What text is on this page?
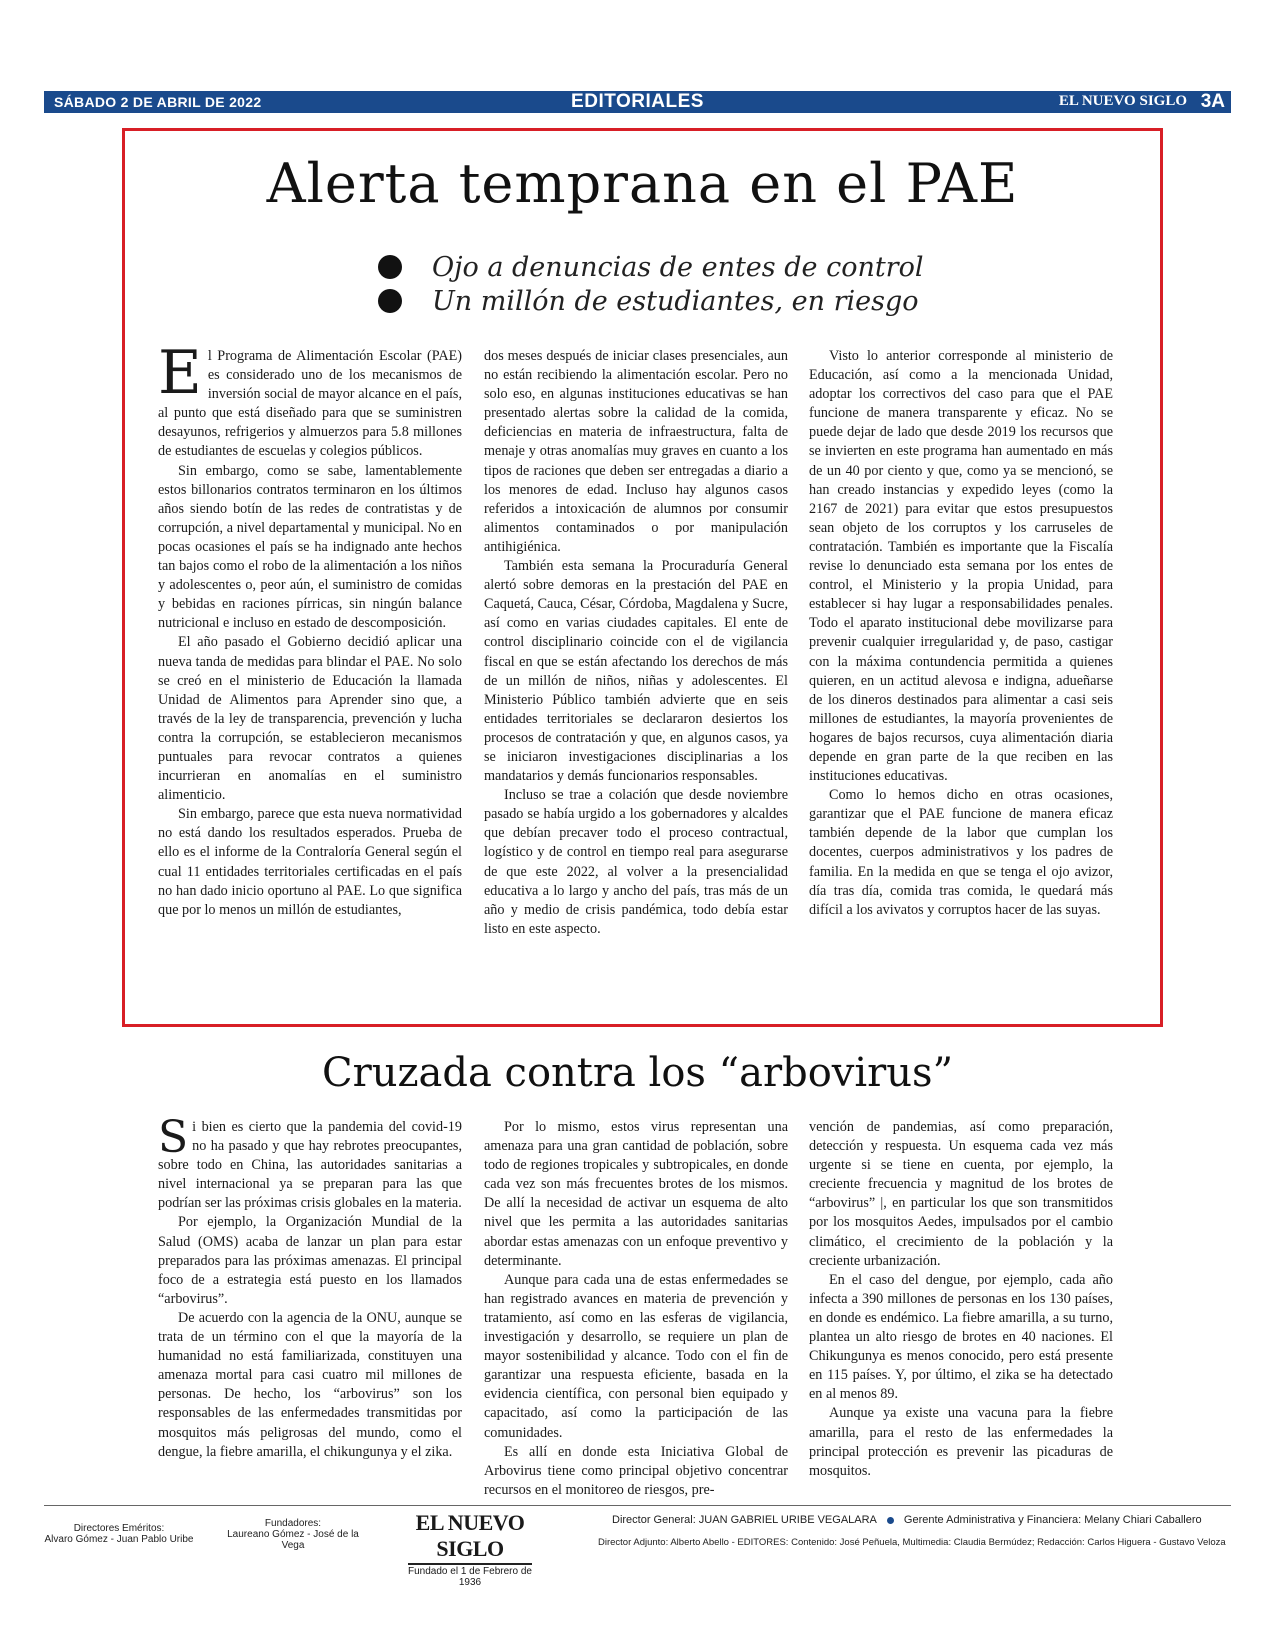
SÁBADO 2 DE ABRIL DE 2022	EDITORIALES	EL NUEVO SIGLO 3A
Alerta temprana en el PAE
Ojo a denuncias de entes de control
Un millón de estudiantes, en riesgo

El Programa de Alimentación Escolar (PAE) es considerado uno de los mecanismos de inversión social de mayor alcance en el país, al punto que está diseñado para que se suministren desayunos, refrigerios y almuerzos para 5.8 millones de estudiantes de escuelas y colegios públicos.

Sin embargo, como se sabe, lamentablemente estos billonarios contratos terminaron en los últimos años siendo botín de las redes de contratistas y de corrupción, a nivel departamental y municipal. No en pocas ocasiones el país se ha indignado ante hechos tan bajos como el robo de la alimentación a los niños y adolescentes o, peor aún, el suministro de comidas y bebidas en raciones pírricas, sin ningún balance nutricional e incluso en estado de descomposición.

El año pasado el Gobierno decidió aplicar una nueva tanda de medidas para blindar el PAE. No solo se creó en el ministerio de Educación la llamada Unidad de Alimentos para Aprender sino que, a través de la ley de transparencia, prevención y lucha contra la corrupción, se establecieron mecanismos puntuales para revocar contratos a quienes incurrieran en anomalías en el suministro alimenticio.

Sin embargo, parece que esta nueva normatividad no está dando los resultados esperados. Prueba de ello es el informe de la Contraloría General según el cual 11 entidades territoriales certificadas en el país no han dado inicio oportuno al PAE. Lo que significa que por lo menos un millón de estudiantes,

dos meses después de iniciar clases presenciales, aun no están recibiendo la alimentación escolar. Pero no solo eso, en algunas instituciones educativas se han presentado alertas sobre la calidad de la comida, deficiencias en materia de infraestructura, falta de menaje y otras anomalías muy graves en cuanto a los tipos de raciones que deben ser entregadas a diario a los menores de edad. Incluso hay algunos casos referidos a intoxicación de alumnos por consumir alimentos contaminados o por manipulación antihigiénica.

También esta semana la Procuraduría General alertó sobre demoras en la prestación del PAE en Caquetá, Cauca, César, Córdoba, Magdalena y Sucre, así como en varias ciudades capitales. El ente de control disciplinario coincide con el de vigilancia fiscal en que se están afectando los derechos de más de un millón de niños, niñas y adolescentes. El Ministerio Público también advierte que en seis entidades territoriales se declararon desiertos los procesos de contratación y que, en algunos casos, ya se iniciaron investigaciones disciplinarias a los mandatarios y demás funcionarios responsables.

Incluso se trae a colación que desde noviembre pasado se había urgido a los gobernadores y alcaldes que debían precaver todo el proceso contractual, logístico y de control en tiempo real para asegurarse de que este 2022, al volver a la presencialidad educativa a lo largo y ancho del país, tras más de un año y medio de crisis pandémica, todo debía estar listo en este aspecto.

Visto lo anterior corresponde al ministerio de Educación, así como a la mencionada Unidad, adoptar los correctivos del caso para que el PAE funcione de manera transparente y eficaz. No se puede dejar de lado que desde 2019 los recursos que se invierten en este programa han aumentado en más de un 40 por ciento y que, como ya se mencionó, se han creado instancias y expedido leyes (como la 2167 de 2021) para evitar que estos presupuestos sean objeto de los corruptos y los carruseles de contratación. También es importante que la Fiscalía revise lo denunciado esta semana por los entes de control, el Ministerio y la propia Unidad, para establecer si hay lugar a responsabilidades penales. Todo el aparato institucional debe movilizarse para prevenir cualquier irregularidad y, de paso, castigar con la máxima contundencia permitida a quienes quieren, en un actitud alevosa e indigna, adueñarse de los dineros destinados para alimentar a casi seis millones de estudiantes, la mayoría provenientes de hogares de bajos recursos, cuya alimentación diaria depende en gran parte de la que reciben en las instituciones educativas.

Como lo hemos dicho en otras ocasiones, garantizar que el PAE funcione de manera eficaz también depende de la labor que cumplan los docentes, cuerpos administrativos y los padres de familia. En la medida en que se tenga el ojo avizor, día tras día, comida tras comida, le quedará más difícil a los avivatos y corruptos hacer de las suyas.

Cruzada contra los “arbovirus”

Si bien es cierto que la pandemia del covid-19 no ha pasado y que hay rebrotes preocupantes, sobre todo en China, las autoridades sanitarias a nivel internacional ya se preparan para las que podrían ser las próximas crisis globales en la materia.

Por ejemplo, la Organización Mundial de la Salud (OMS) acaba de lanzar un plan para estar preparados para las próximas amenazas. El principal foco de a estrategia está puesto en los llamados “arbovirus”.

De acuerdo con la agencia de la ONU, aunque se trata de un término con el que la mayoría de la humanidad no está familiarizada, constituyen una amenaza mortal para casi cuatro mil millones de personas. De hecho, los “arbovirus” son los responsables de las enfermedades transmitidas por mosquitos más peligrosas del mundo, como el dengue, la fiebre amarilla, el chikungunya y el zika.

Por lo mismo, estos virus representan una amenaza para una gran cantidad de población, sobre todo de regiones tropicales y subtropicales, en donde cada vez son más frecuentes brotes de los mismos. De allí la necesidad de activar un esquema de alto nivel que les permita a las autoridades sanitarias abordar estas amenazas con un enfoque preventivo y determinante.

Aunque para cada una de estas enfermedades se han registrado avances en materia de prevención y tratamiento, así como en las esferas de vigilancia, investigación y desarrollo, se requiere un plan de mayor sostenibilidad y alcance. Todo con el fin de garantizar una respuesta eficiente, basada en la evidencia científica, con personal bien equipado y capacitado, así como la participación de las comunidades.

Es allí en donde esta Iniciativa Global de Arbovirus tiene como principal objetivo concentrar recursos en el monitoreo de riesgos, pre-

vención de pandemias, así como preparación, detección y respuesta. Un esquema cada vez más urgente si se tiene en cuenta, por ejemplo, la creciente frecuencia y magnitud de los brotes de “arbovirus” |, en particular los que son transmitidos por los mosquitos Aedes, impulsados por el cambio climático, el crecimiento de la población y la creciente urbanización.

En el caso del dengue, por ejemplo, cada año infecta a 390 millones de personas en los 130 países, en donde es endémico. La fiebre amarilla, a su turno, plantea un alto riesgo de brotes en 40 naciones. El Chikungunya es menos conocido, pero está presente en 115 países. Y, por último, el zika se ha detectado en al menos 89.

Aunque ya existe una vacuna para la fiebre amarilla, para el resto de las enfermedades la principal protección es prevenir las picaduras de mosquitos.

Directores Eméritos:
Alvaro Gómez - Juan Pablo Uribe
Fundadores:
Laureano Gómez - José de la Vega
EL NUEVO SIGLO
Fundado el 1 de Febrero de 1936
Director General: JUAN GABRIEL URIBE VEGALARA Gerente Administrativa y Financiera: Melany Chiari Caballero
Director Adjunto: Alberto Abello - EDITORES: Contenido: José Peñuela, Multimedia: Claudia Bermúdez; Redacción: Carlos Higuera - Gustavo Veloza
